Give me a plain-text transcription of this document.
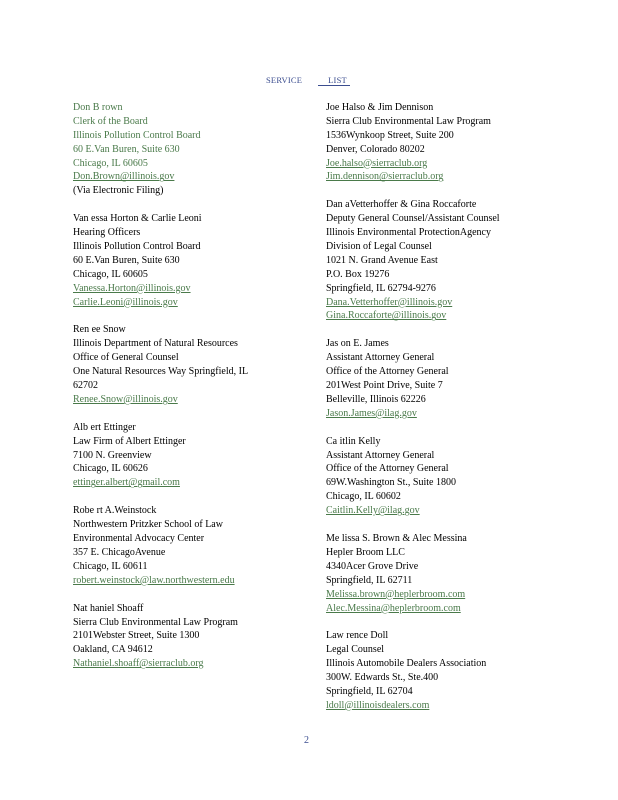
SERVICE	LIST
Don B rown
Clerk of the Board
Illinois Pollution Control Board
60 E.Van Buren, Suite 630
Chicago, IL 60605
Don.Brown@illinois.gov
(Via Electronic Filing)
Van essa Horton & Carlie Leoni
Hearing Officers
Illinois Pollution Control Board
60 E.Van Buren, Suite 630
Chicago, IL 60605
Vanessa.Horton@illinois.gov
Carlie.Leoni@illinois.gov
Ren ee Snow
Illinois Department of Natural Resources
Office of General Counsel
One Natural Resources Way Springfield, IL
62702
Renee.Snow@illinois.gov
Alb ert Ettinger
Law Firm of Albert Ettinger
7100 N. Greenview
Chicago, IL 60626
ettinger.albert@gmail.com
Robe rt A.Weinstock
Northwestern Pritzker School of Law
Environmental Advocacy Center
357 E. ChicagoAvenue
Chicago, IL 60611
robert.weinstock@law.northwestern.edu
Nat haniel Shoaff
Sierra Club Environmental Law Program
2101Webster Street, Suite 1300
Oakland, CA 94612
Nathaniel.shoaff@sierraclub.org
Joe Halso & Jim Dennison
Sierra Club Environmental Law Program
1536Wynkoop Street, Suite 200
Denver, Colorado 80202
Joe.halso@sierraclub.org
Jim.dennison@sierraclub.org
Dan aVetterhoffer & Gina Roccaforte
Deputy General Counsel/Assistant Counsel
Illinois Environmental ProtectionAgency
Division of Legal Counsel
1021 N. Grand Avenue East
P.O. Box 19276
Springfield, IL 62794-9276
Dana.Vetterhoffer@illinois.gov
Gina.Roccaforte@illinois.gov
Jas on E. James
Assistant Attorney General
Office of the Attorney General
201West Point Drive, Suite 7
Belleville, Illinois 62226
Jason.James@ilag.gov
Ca itlin Kelly
Assistant Attorney General
Office of the Attorney General
69W.Washington St., Suite 1800
Chicago, IL 60602
Caitlin.Kelly@ilag.gov
Me lissa S. Brown & Alec Messina
Hepler Broom LLC
4340Acer Grove Drive
Springfield, IL 62711
Melissa.brown@heplerbroom.com
Alec.Messina@heplerbroom.com
Law rence Doll
Legal Counsel
Illinois Automobile Dealers Association
300W. Edwards St., Ste.400
Springfield, IL 62704
ldoll@illinoisdealers.com
2
